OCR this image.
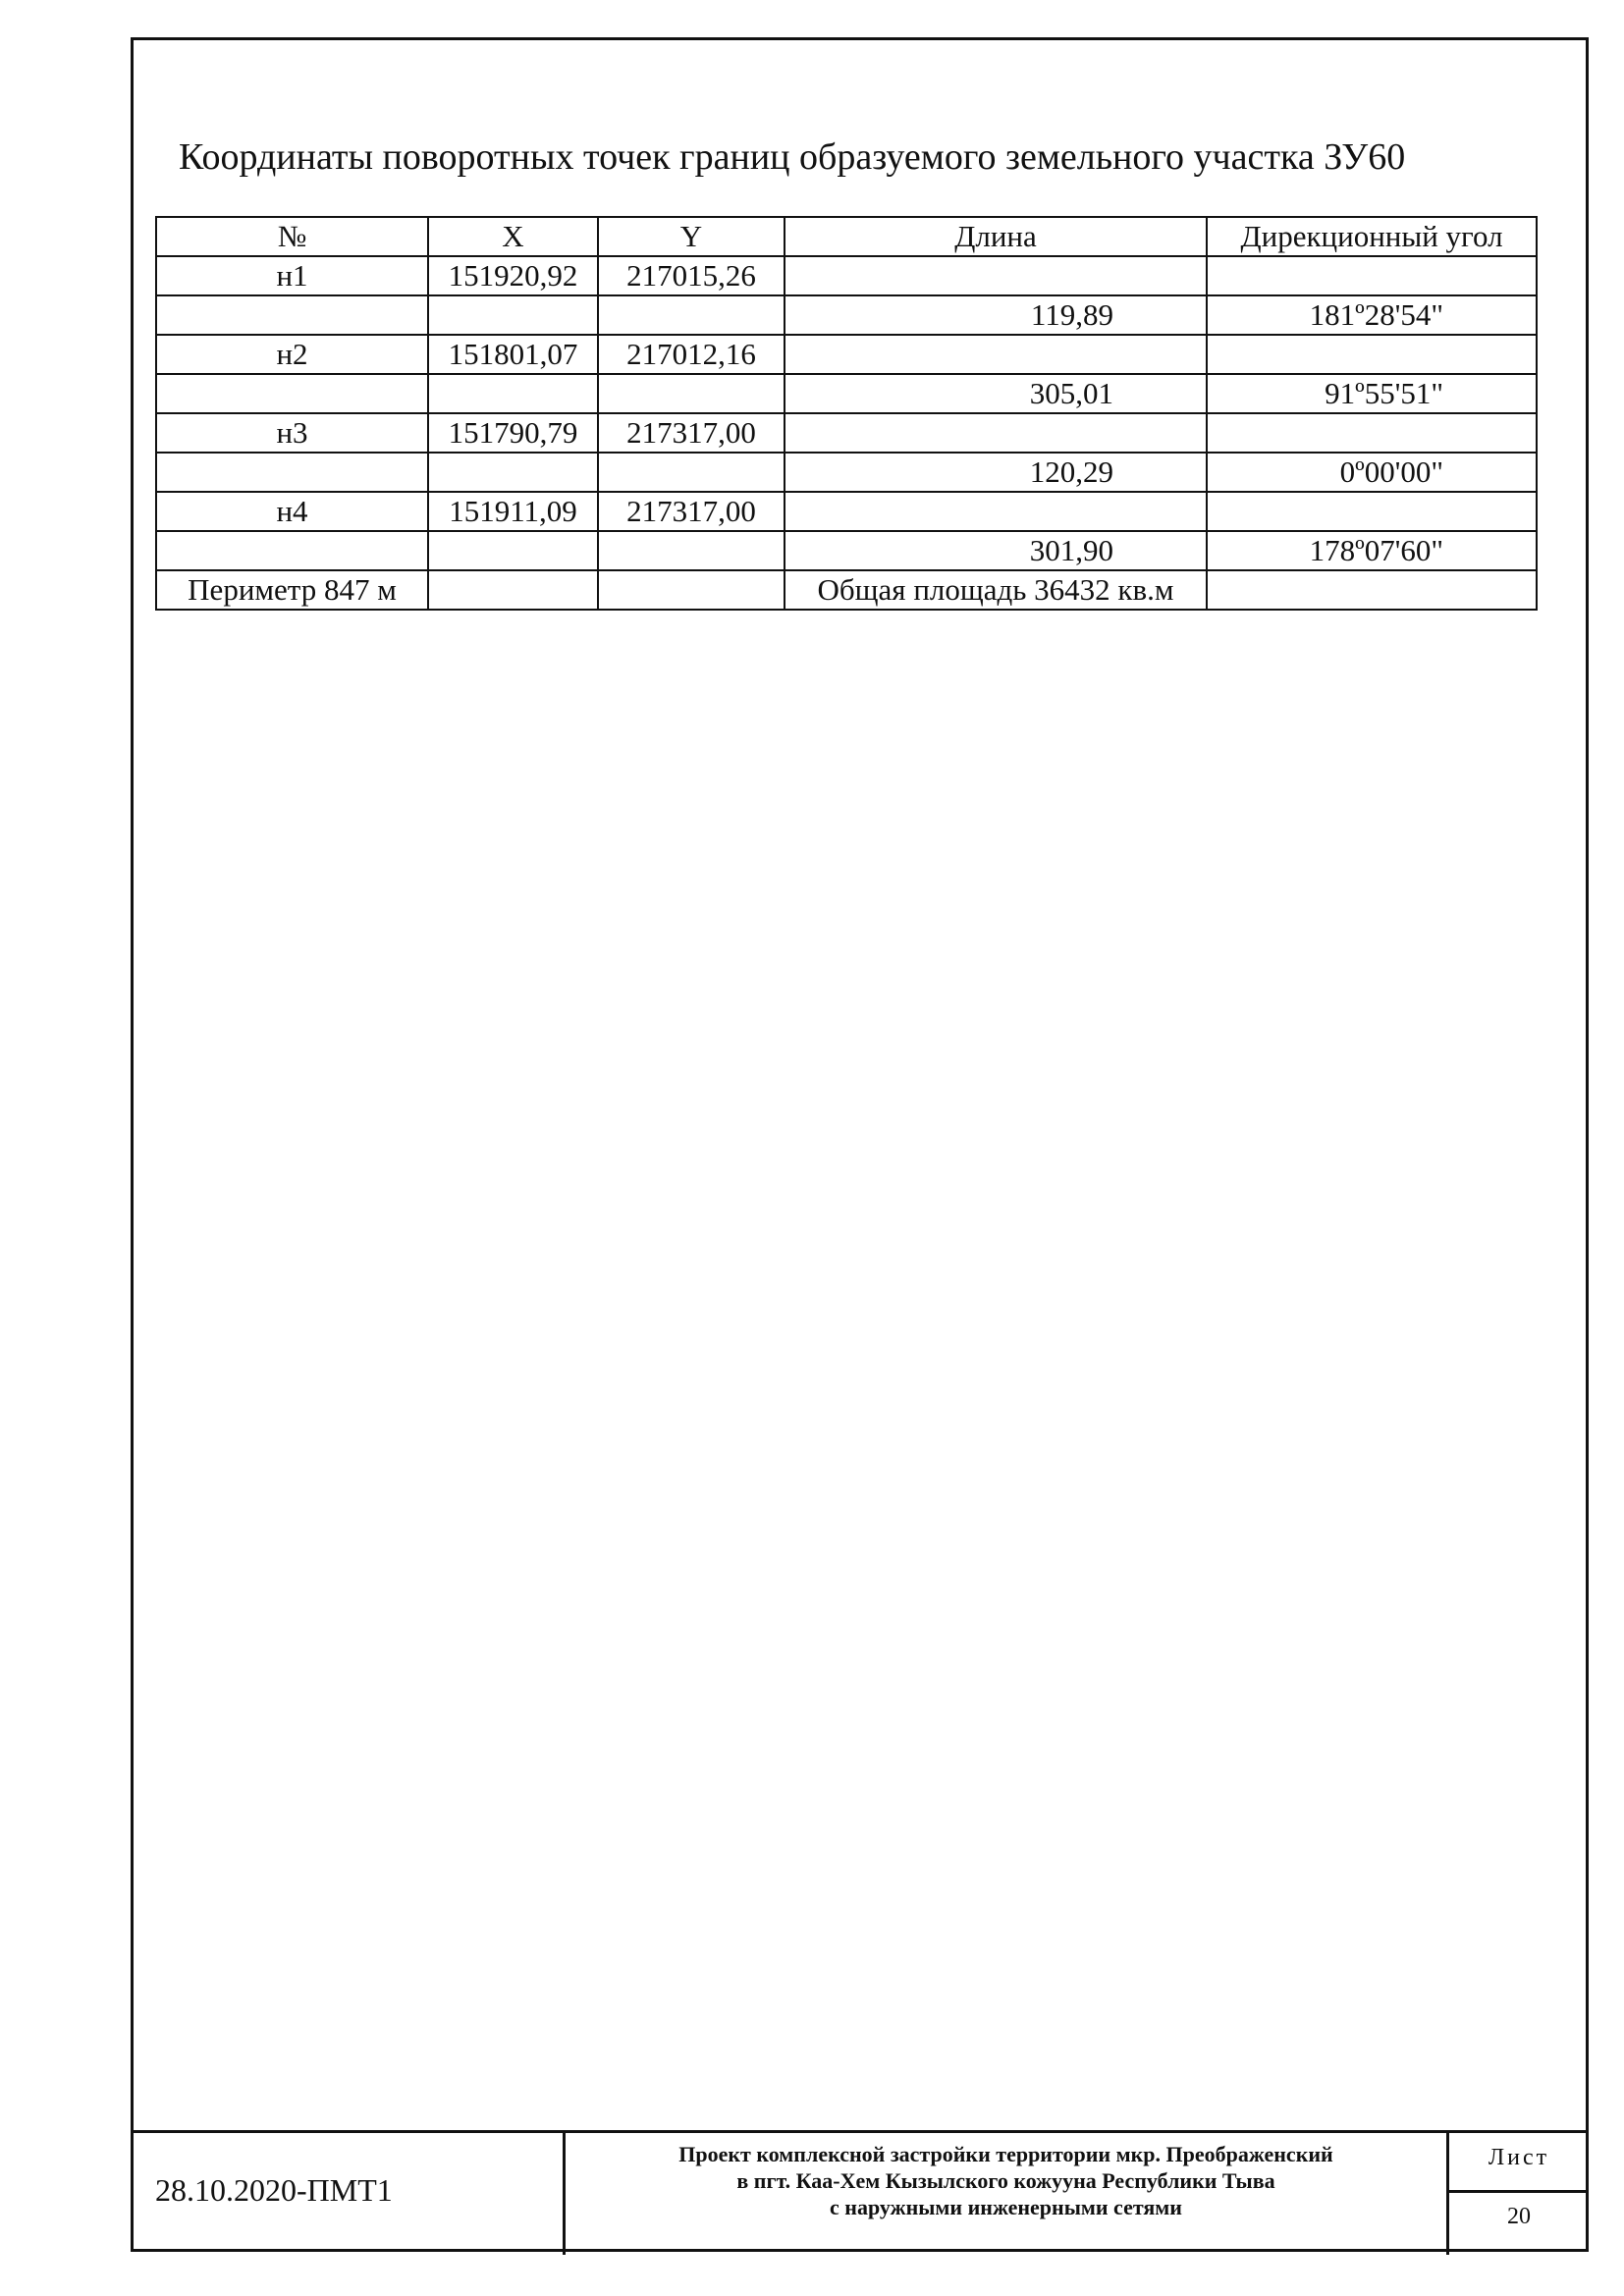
Координаты поворотных точек границ образуемого земельного участка ЗУ60
№	X	Y	Длина	Дирекционный угол
н1	151920,92	217015,26		
			119,89	181º28'54"
н2	151801,07	217012,16		
			305,01	91º55'51"
н3	151790,79	217317,00		
			120,29	0º00'00"
н4	151911,09	217317,00		
			301,90	178º07'60"
Периметр 847 м			Общая площадь 36432 кв.м	
28.10.2020-ПМТ1
Проект комплексной застройки территории мкр. Преображенский
в пгт. Каа-Хем Кызылского кожууна Республики Тыва
с наружными инженерными сетями
Лист
20
